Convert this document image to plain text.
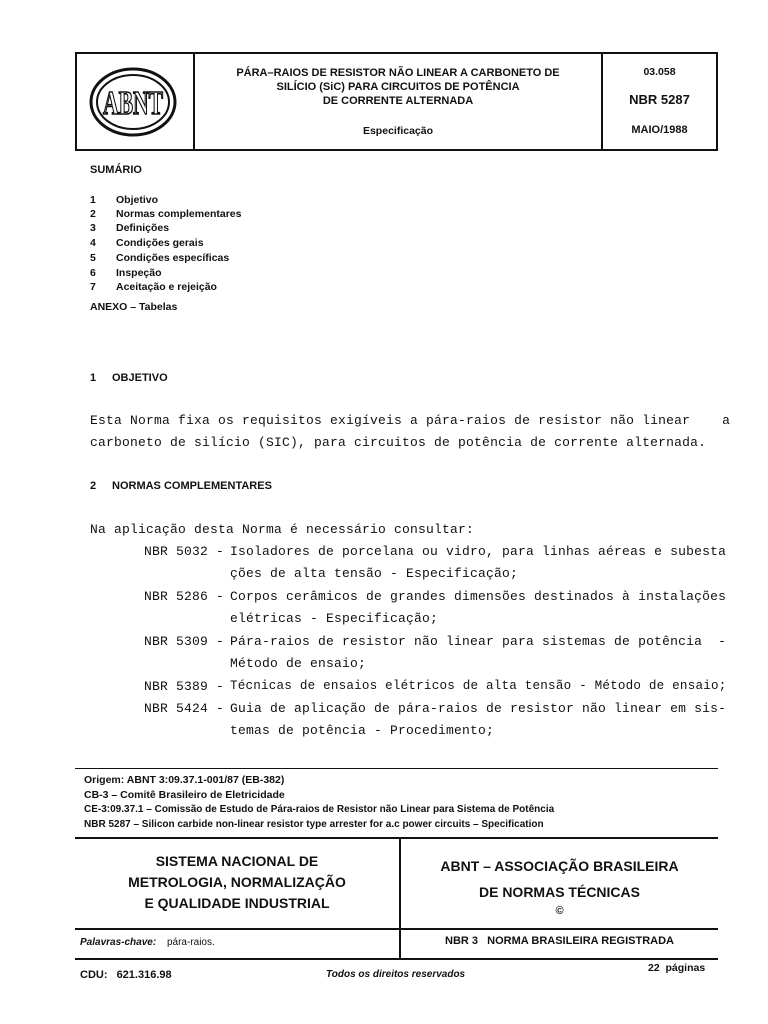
ABNT
PÁRA–RAIOS DE RESISTOR NÃO LINEAR A CARBONETO DE
SILÍCIO (SiC) PARA CIRCUITOS DE POTÊNCIA
DE CORRENTE ALTERNADA
Especificação
03.058
NBR 5287
MAIO/1988
SUMÁRIO
1 Objetivo
2 Normas complementares
3 Definições
4 Condições gerais
5 Condições específicas
6 Inspeção
7 Aceitação e rejeição
ANEXO – Tabelas
1 OBJETIVO
Esta Norma fixa os requisitos exigíveis a pára-raios de resistor não linear    a
carboneto de silício (SIC), para circuitos de potência de corrente alternada.
2 NORMAS COMPLEMENTARES
Na aplicação desta Norma é necessário consultar:
NBR 5032 - Isoladores de porcelana ou vidro, para linhas aéreas e subesta
ções de alta tensão - Especificação;
NBR 5286 - Corpos cerâmicos de grandes dimensões destinados à instalações
elétricas - Especificação;
NBR 5309 - Pára-raios de resistor não linear para sistemas de potência  -
Método de ensaio;
NBR 5389 - Técnicas de ensaios elétricos de alta tensão - Método de ensaio;
NBR 5424 - Guia de aplicação de pára-raios de resistor não linear em sis-
temas de potência - Procedimento;
Origem: ABNT 3:09.37.1-001/87 (EB-382)
CB-3 – Comitê Brasileiro de Eletricidade
CE-3:09.37.1 – Comissão de Estudo de Pára-raios de Resistor não Linear para Sistema de Potência
NBR 5287 – Silicon carbide non-linear resistor type arrester for a.c power circuits – Specification
SISTEMA NACIONAL DE
METROLOGIA, NORMALIZAÇÃO
E QUALIDADE INDUSTRIAL
ABNT – ASSOCIAÇÃO BRASILEIRA
DE NORMAS TÉCNICAS
©
Palavras-chave: pára-raios.	NBR 3   NORMA BRASILEIRA REGISTRADA
CDU: 621.316.98	Todos os direitos reservados
22  páginas
